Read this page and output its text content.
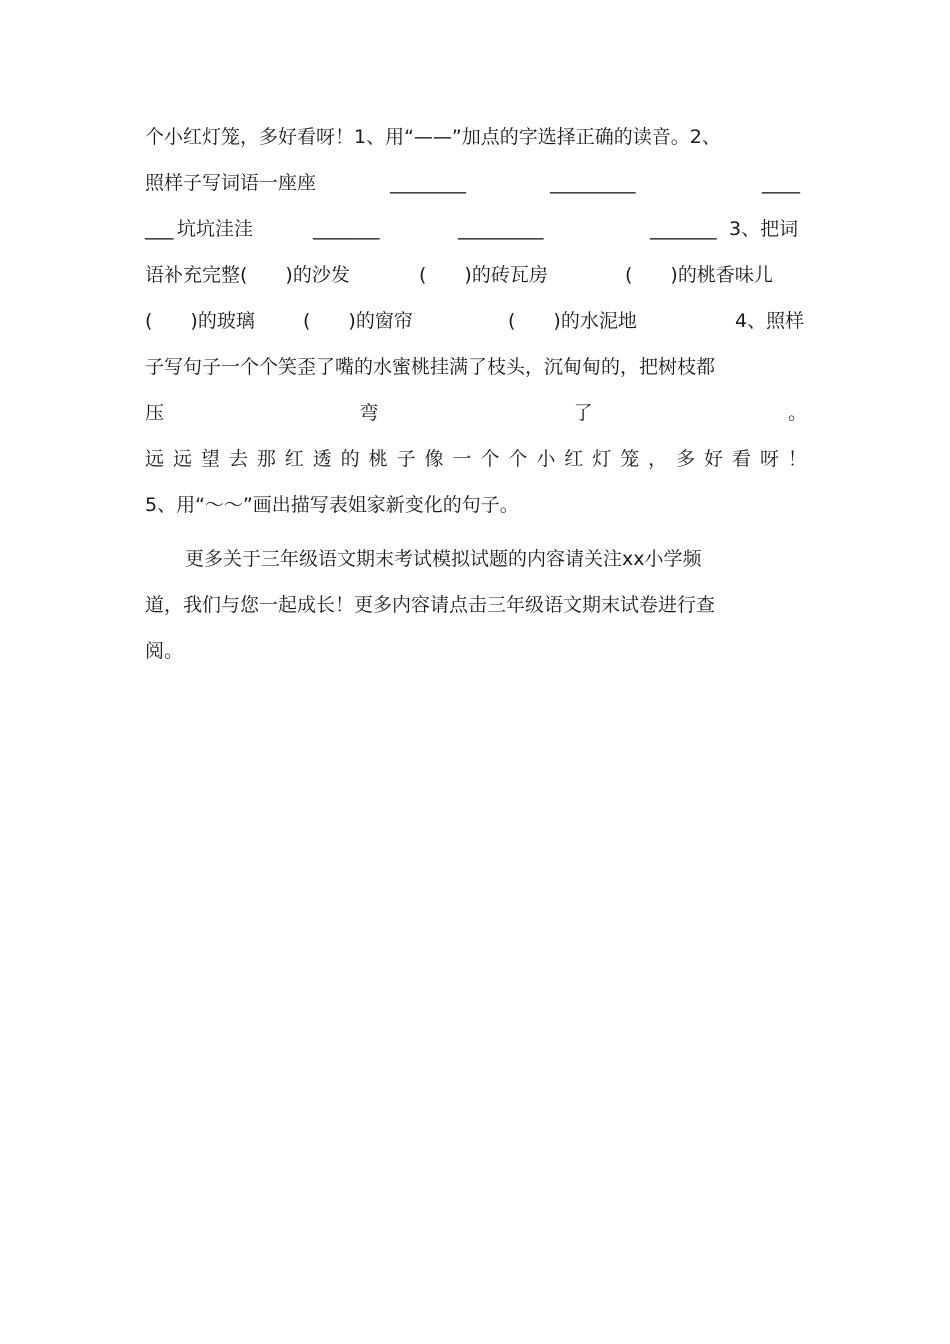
个小红灯笼，多好看呀！1、用“——”加点的字选择正确的读音。2、
照样子写词语一座座	________	_________	____
___ 坑坑洼洼	_______	_________	_______ 3、把词
语补充完整(　　)的沙发	(　　)的砖瓦房	(　　)的桃香味儿
(　　)的玻璃	(　　)的窗帘	(　　)的水泥地	4、照样
子写句子一个个笑歪了嘴的水蜜桃挂满了枝头，沉甸甸的，把树枝都
压	弯	了	。
远 远 望 去 那 红 透 的 桃 子 像 一 个 个 小 红 灯 笼 ， 多 好 看 呀 ！
5、用“～～”画出描写表姐家新变化的句子。
更多关于三年级语文期末考试模拟试题的内容请关注xx小学频
道，我们与您一起成长！更多内容请点击三年级语文期末试卷进行查
阅。
